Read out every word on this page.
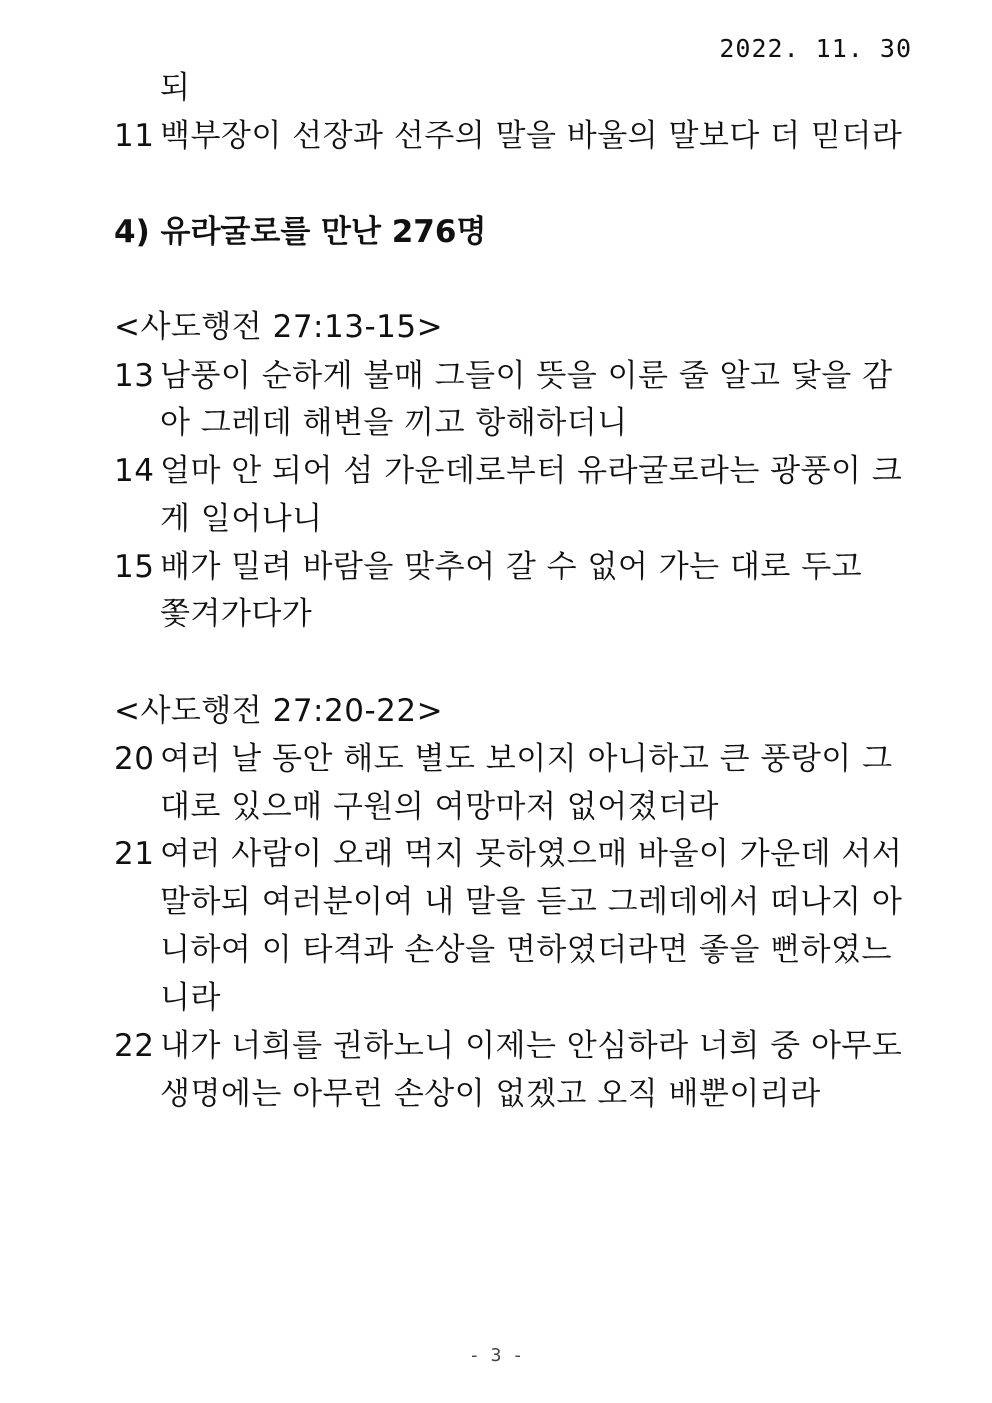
2022. 11. 30
되
11 백부장이 선장과 선주의 말을 바울의 말보다 더 믿더라
4) 유라굴로를 만난 276명
<사도행전 27:13-15>
13 남풍이 순하게 불매 그들이 뜻을 이룬 줄 알고 닻을 감
아 그레데 해변을 끼고 항해하더니
14 얼마 안 되어 섬 가운데로부터 유라굴로라는 광풍이 크
게 일어나니
15 배가 밀려 바람을 맞추어 갈 수 없어 가는 대로 두고
쫓겨가다가
<사도행전 27:20-22>
20 여러 날 동안 해도 별도 보이지 아니하고 큰 풍랑이 그
대로 있으매 구원의 여망마저 없어졌더라
21 여러 사람이 오래 먹지 못하였으매 바울이 가운데 서서
말하되 여러분이여 내 말을 듣고 그레데에서 떠나지 아
니하여 이 타격과 손상을 면하였더라면 좋을 뻔하였느
니라
22 내가 너희를 권하노니 이제는 안심하라 너희 중 아무도
생명에는 아무런 손상이 없겠고 오직 배뿐이리라
- 3 -
